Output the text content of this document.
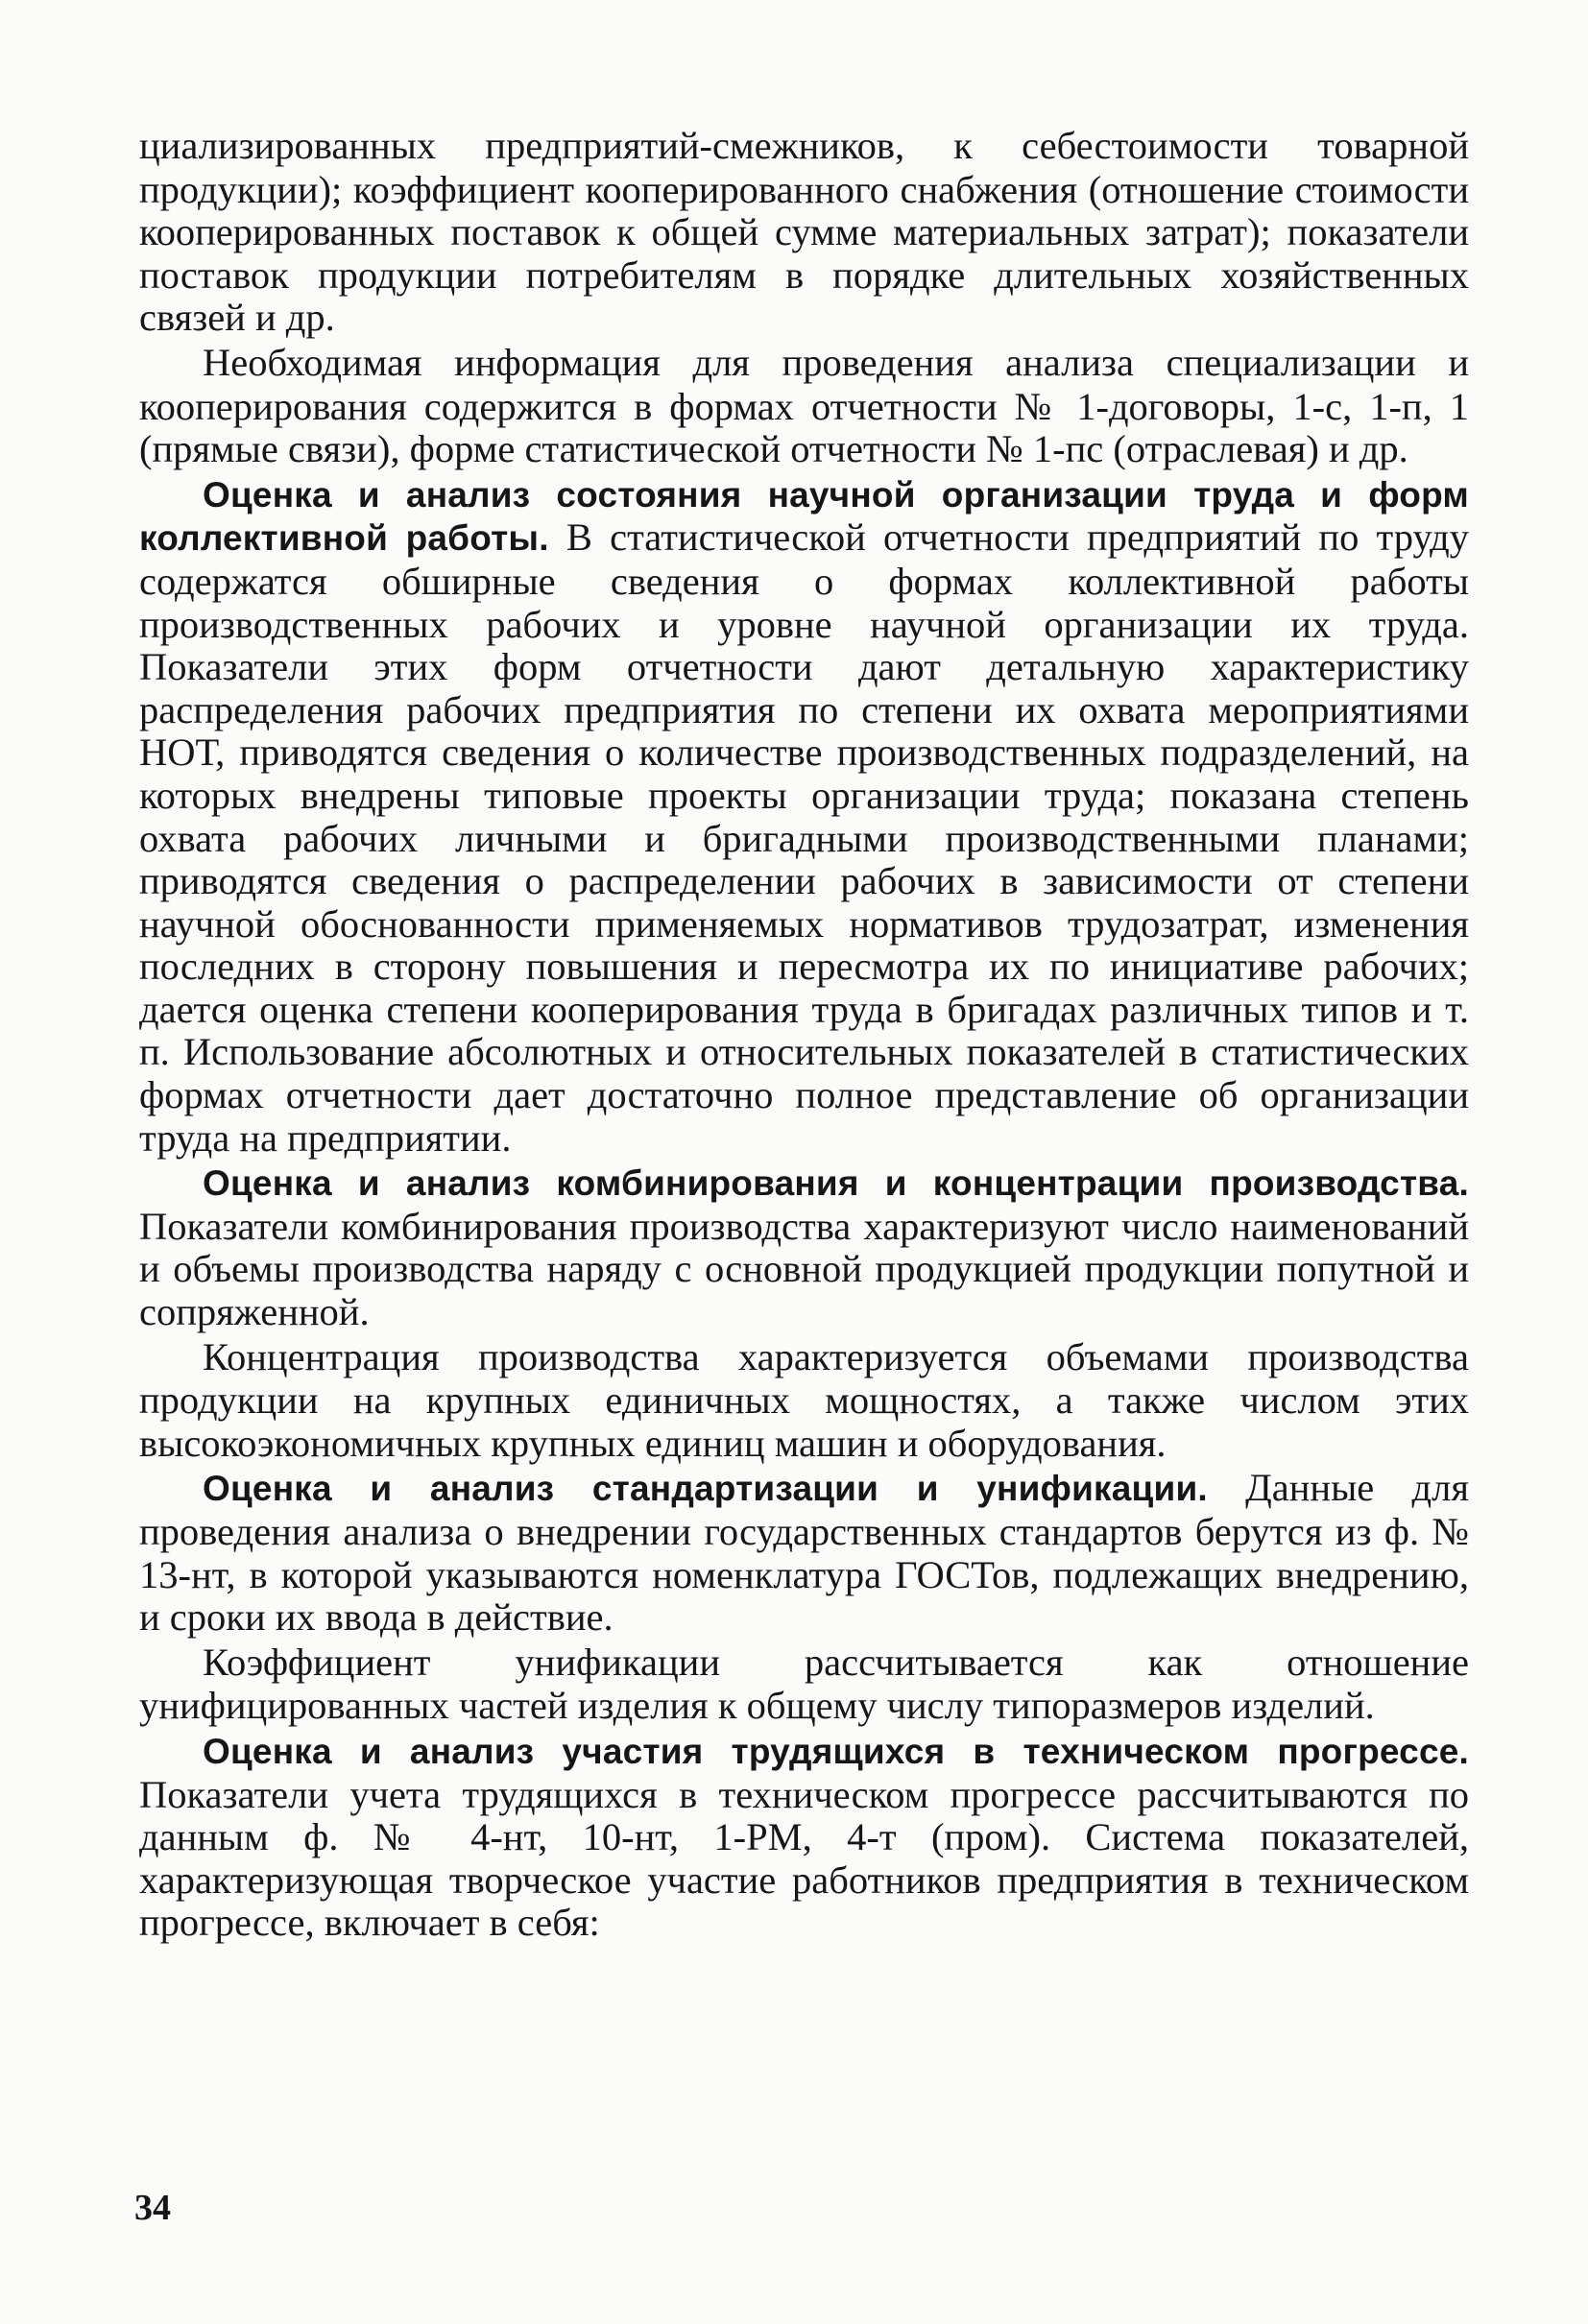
циализированных предприятий-смежников, к себестоимости товарной продукции); коэффициент кооперированного снабжения (отношение стоимости кооперированных поставок к общей сумме материальных затрат); показатели поставок продукции потребителям в порядке длительных хозяйственных связей и др.

Необходимая информация для проведения анализа специализации и кооперирования содержится в формах отчетности № 1-договоры, 1-с, 1-п, 1 (прямые связи), форме статистической отчетности № 1-пс (отраслевая) и др.

Оценка и анализ состояния научной организации труда и форм коллективной работы. В статистической отчетности предприятий по труду содержатся обширные сведения о формах коллективной работы производственных рабочих и уровне научной организации их труда. Показатели этих форм отчетности дают детальную характеристику распределения рабочих предприятия по степени их охвата мероприятиями НОТ, приводятся сведения о количестве производственных подразделений, на которых внедрены типовые проекты организации труда; показана степень охвата рабочих личными и бригадными производственными планами; приводятся сведения о распределении рабочих в зависимости от степени научной обоснованности применяемых нормативов трудозатрат, изменения последних в сторону повышения и пересмотра их по инициативе рабочих; дается оценка степени кооперирования труда в бригадах различных типов и т. п. Использование абсолютных и относительных показателей в статистических формах отчетности дает достаточно полное представление об организации труда на предприятии.

Оценка и анализ комбинирования и концентрации производства. Показатели комбинирования производства характеризуют число наименований и объемы производства наряду с основной продукцией продукции попутной и сопряженной.

Концентрация производства характеризуется объемами производства продукции на крупных единичных мощностях, а также числом этих высокоэкономичных крупных единиц машин и оборудования.

Оценка и анализ стандартизации и унификации. Данные для проведения анализа о внедрении государственных стандартов берутся из ф. № 13-нт, в которой указываются номенклатура ГОСТов, подлежащих внедрению, и сроки их ввода в действие.

Коэффициент унификации рассчитывается как отношение унифицированных частей изделия к общему числу типоразмеров изделий.

Оценка и анализ участия трудящихся в техническом прогрессе. Показатели учета трудящихся в техническом прогрессе рассчитываются по данным ф. № 4-нт, 10-нт, 1-РМ, 4-т (пром). Система показателей, характеризующая творческое участие работников предприятия в техническом прогрессе, включает в себя:

34
